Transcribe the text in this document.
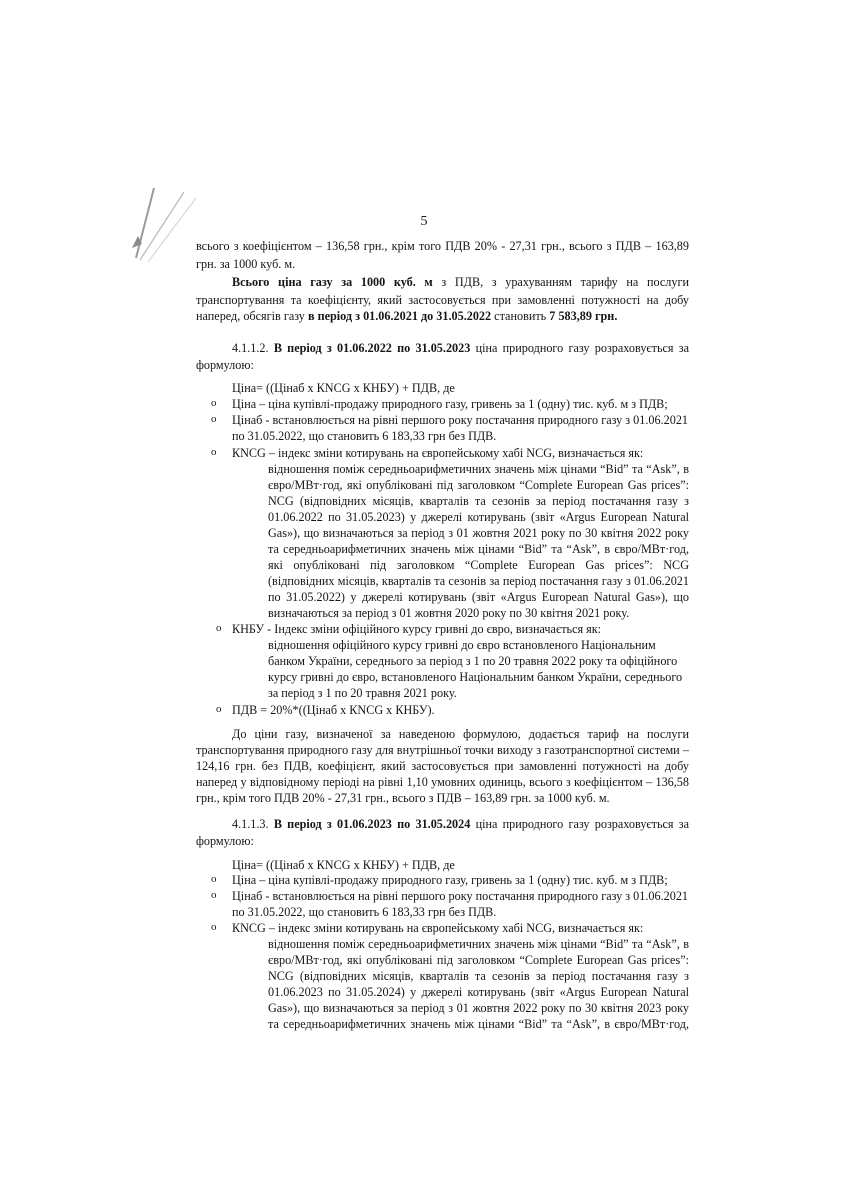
5
всього з коефіцієнтом – 136,58 грн., крім того ПДВ 20% - 27,31 грн., всього з ПДВ – 163,89
грн. за 1000 куб. м.
Всього ціна газу за 1000 куб. м з ПДВ, з урахуванням тарифу на послуги
транспортування та коефіцієнту, який застосовується при замовленні потужності на добу
наперед, обсягів газу в період з 01.06.2021 до 31.05.2022 становить 7 583,89 грн.
4.1.1.2. В період з 01.06.2022 по 31.05.2023 ціна природного газу розраховується за
формулою:
Ціна= ((Цінаб х КNCG х КНБУ) + ПДВ, де
o Ціна – ціна купівлі-продажу природного газу, гривень за 1 (одну) тис. куб. м з ПДВ;
o Цінаб - встановлюється на рівні першого року постачання природного газу з 01.06.2021
по 31.05.2022, що становить 6 183,33 грн без ПДВ.
o КNCG – індекс зміни котирувань на європейському хабі NCG, визначається як:
відношення поміж середньоарифметичних значень між цінами “Bid” та “Ask”, в
євро/МВт·год, які опубліковані під заголовком “Complete European Gas prices”:
NCG (відповідних місяців, кварталів та сезонів за період постачання газу з
01.06.2022 по 31.05.2023) у джерелі котирувань (звіт «Argus European Natural
Gas»), що визначаються за період з 01 жовтня 2021 року по 30 квітня 2022 року
та середньоарифметичних значень між цінами “Bid” та “Ask”, в євро/МВт·год,
які опубліковані під заголовком “Complete European Gas prices”: NCG
(відповідних місяців, кварталів та сезонів за період постачання газу з 01.06.2021
по 31.05.2022) у джерелі котирувань (звіт «Argus European Natural Gas»), що
визначаються за період з 01 жовтня 2020 року по 30 квітня 2021 року.
o КНБУ - Індекс зміни офіційного курсу гривні до євро, визначається як:
відношення офіційного курсу гривні до євро встановленого Національним
банком України, середнього за період з 1 по 20 травня 2022 року та офіційного
курсу гривні до євро, встановленого Національним банком України, середнього
за період з 1 по 20 травня 2021 року.
o ПДВ = 20%*((Цінаб х КNCG х КНБУ).
До ціни газу, визначеної за наведеною формулою, додається тариф на послуги
транспортування природного газу для внутрішньої точки виходу з газотранспортної системи –
124,16 грн. без ПДВ, коефіцієнт, який застосовується при замовленні потужності на добу
наперед у відповідному періоді на рівні 1,10 умовних одиниць, всього з коефіцієнтом – 136,58
грн., крім того ПДВ 20% - 27,31 грн., всього з ПДВ – 163,89 грн. за 1000 куб. м.
4.1.1.3. В період з 01.06.2023 по 31.05.2024 ціна природного газу розраховується за
формулою:
Ціна= ((Цінаб х КNCG х КНБУ) + ПДВ, де
o Ціна – ціна купівлі-продажу природного газу, гривень за 1 (одну) тис. куб. м з ПДВ;
o Цінаб - встановлюється на рівні першого року постачання природного газу з 01.06.2021
по 31.05.2022, що становить 6 183,33 грн без ПДВ.
o КNCG – індекс зміни котирувань на європейському хабі NCG, визначається як:
відношення поміж середньоарифметичних значень між цінами “Bid” та “Ask”, в
євро/МВт·год, які опубліковані під заголовком “Complete European Gas prices”:
NCG (відповідних місяців, кварталів та сезонів за період постачання газу з
01.06.2023 по 31.05.2024) у джерелі котирувань (звіт «Argus European Natural
Gas»), що визначаються за період з 01 жовтня 2022 року по 30 квітня 2023 року
та середньоарифметичних значень між цінами “Bid” та “Ask”, в євро/МВт·год,
